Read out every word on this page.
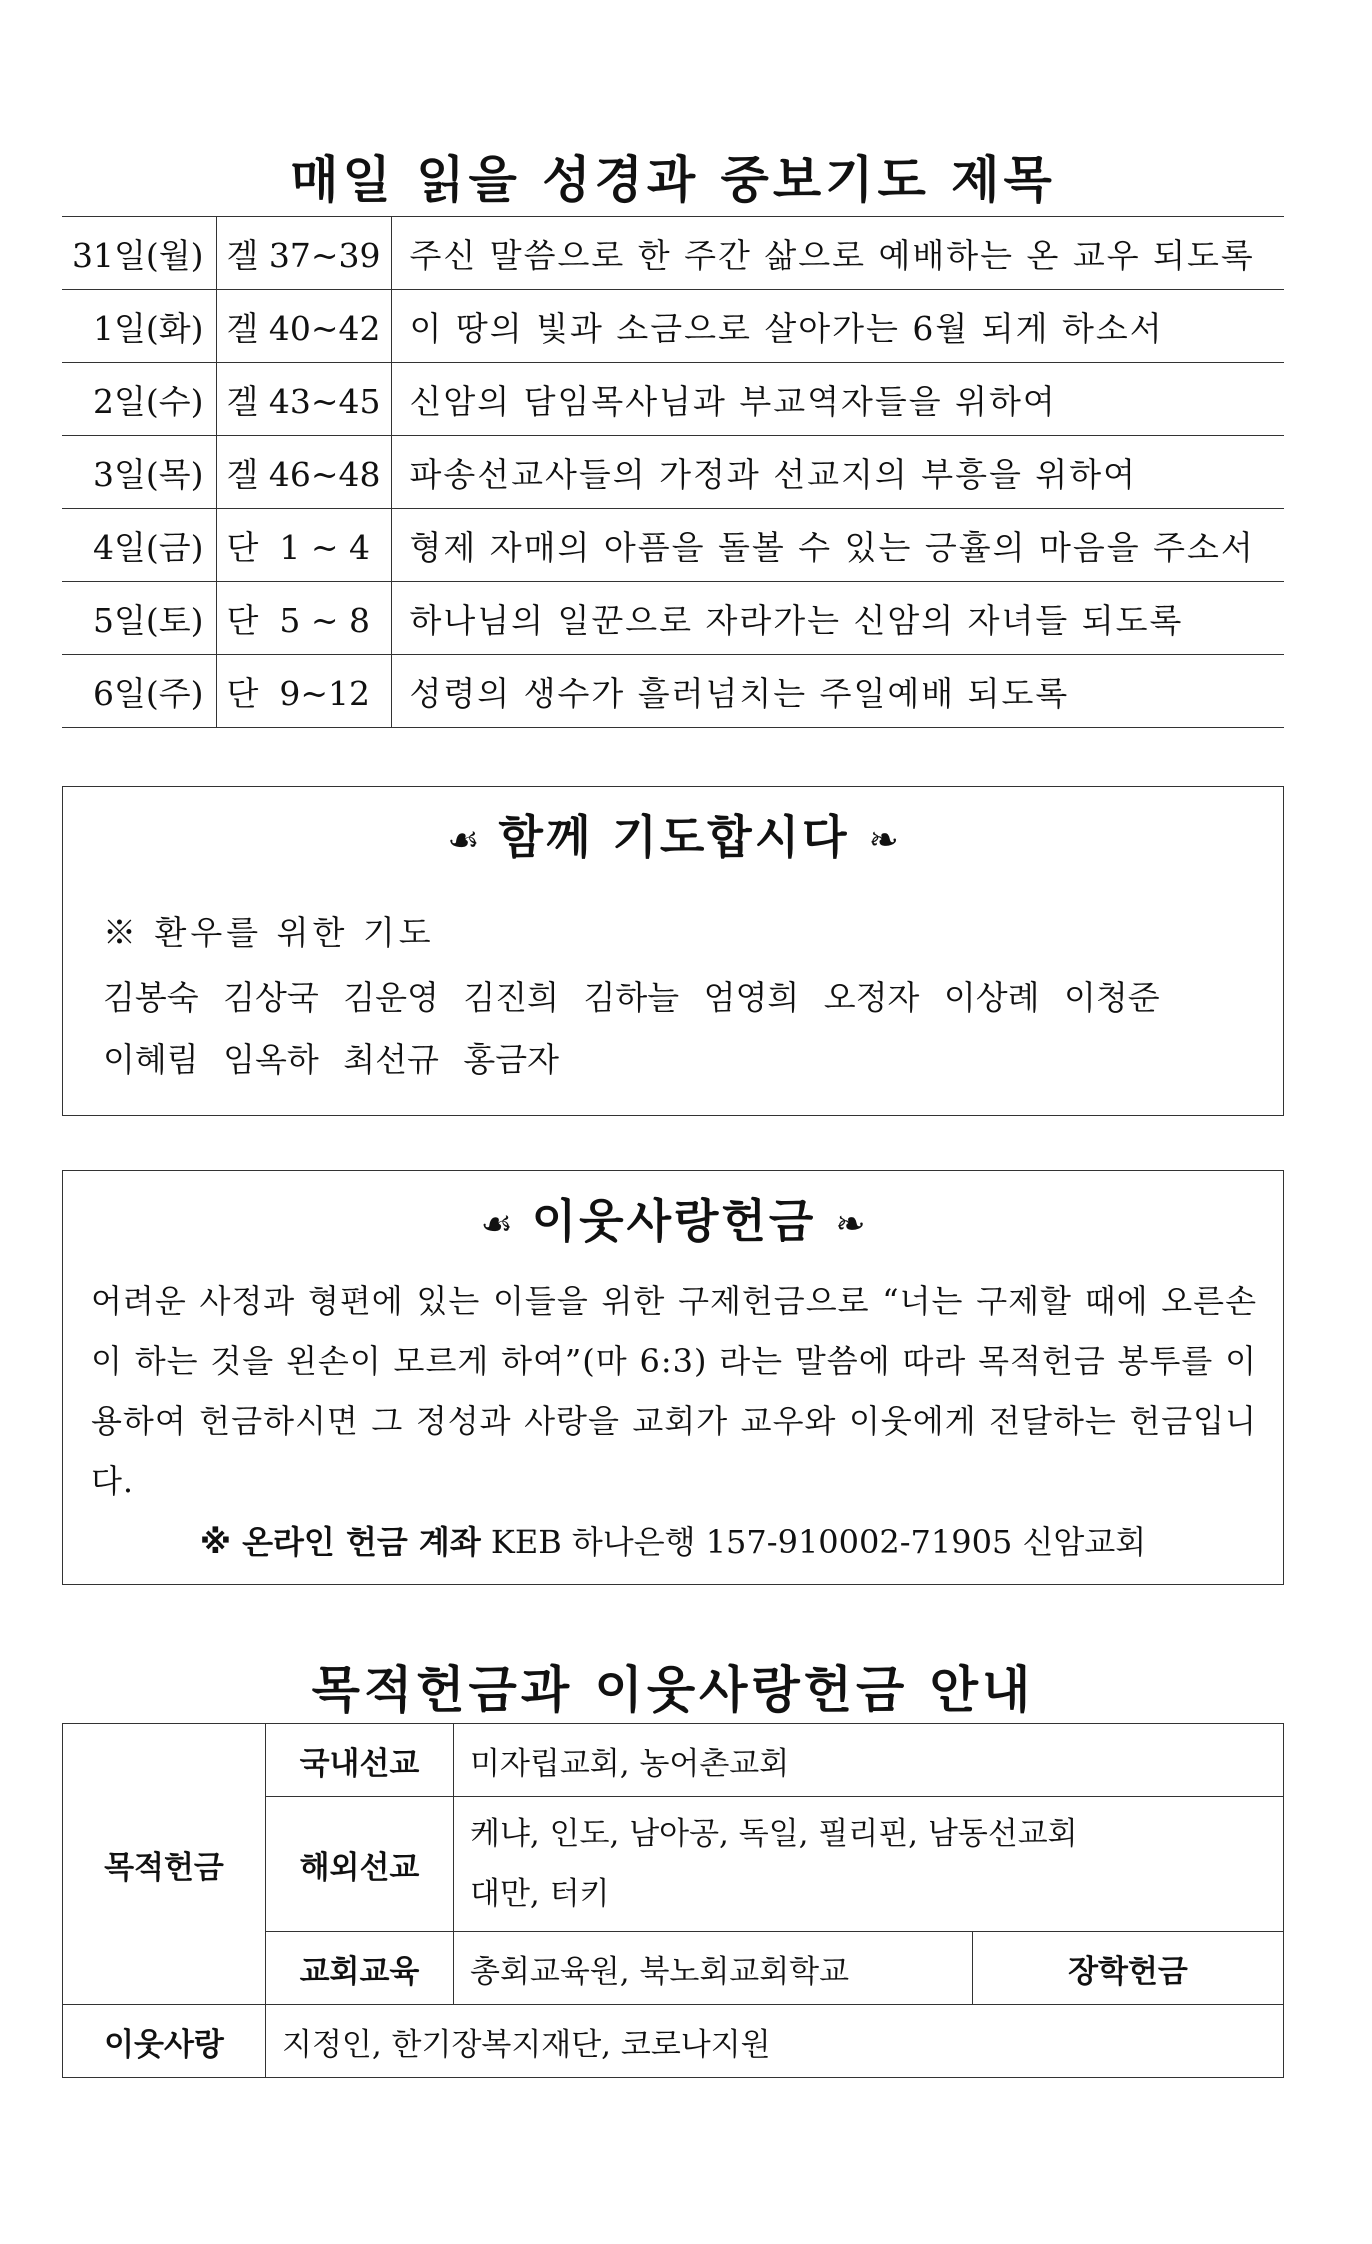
매일 읽을 성경과 중보기도 제목
31일(월)	겔 37~39	주신 말씀으로 한 주간 삶으로 예배하는 온 교우 되도록
1일(화)	겔 40~42	이 땅의 빛과 소금으로 살아가는 6월 되게 하소서
2일(수)	겔 43~45	신암의 담임목사님과 부교역자들을 위하여
3일(목)	겔 46~48	파송선교사들의 가정과 선교지의 부흥을 위하여
4일(금)	단  1 ~ 4	형제 자매의 아픔을 돌볼 수 있는 긍휼의 마음을 주소서
5일(토)	단  5 ~ 8	하나님의 일꾼으로 자라가는 신암의 자녀들 되도록
6일(주)	단  9~12	성령의 생수가 흘러넘치는 주일예배 되도록
☙ 함께 기도합시다 ❧
※ 환우를 위한 기도
김봉숙 김상국 김운영 김진희 김하늘 엄영희 오정자 이상례 이청준
이혜림 임옥하 최선규 홍금자
☙ 이웃사랑헌금 ❧
어려운 사정과 형편에 있는 이들을 위한 구제헌금으로 “너는 구제할 때에 오른손이 하는 것을 왼손이 모르게 하여”(마 6:3) 라는 말씀에 따라 목적헌금 봉투를 이용하여 헌금하시면 그 정성과 사랑을 교회가 교우와 이웃에게 전달하는 헌금입니다.
※ 온라인 헌금 계좌 KEB 하나은행 157-910002-71905 신암교회
목적헌금과 이웃사랑헌금 안내
목적헌금	국내선교	미자립교회, 농어촌교회	
	해외선교	케냐, 인도, 남아공, 독일, 필리핀, 남동선교회
대만, 터키	

	교회교육	총회교육원, 북노회교회학교	장학헌금
이웃사랑	지정인, 한기장복지재단, 코로나지원		
